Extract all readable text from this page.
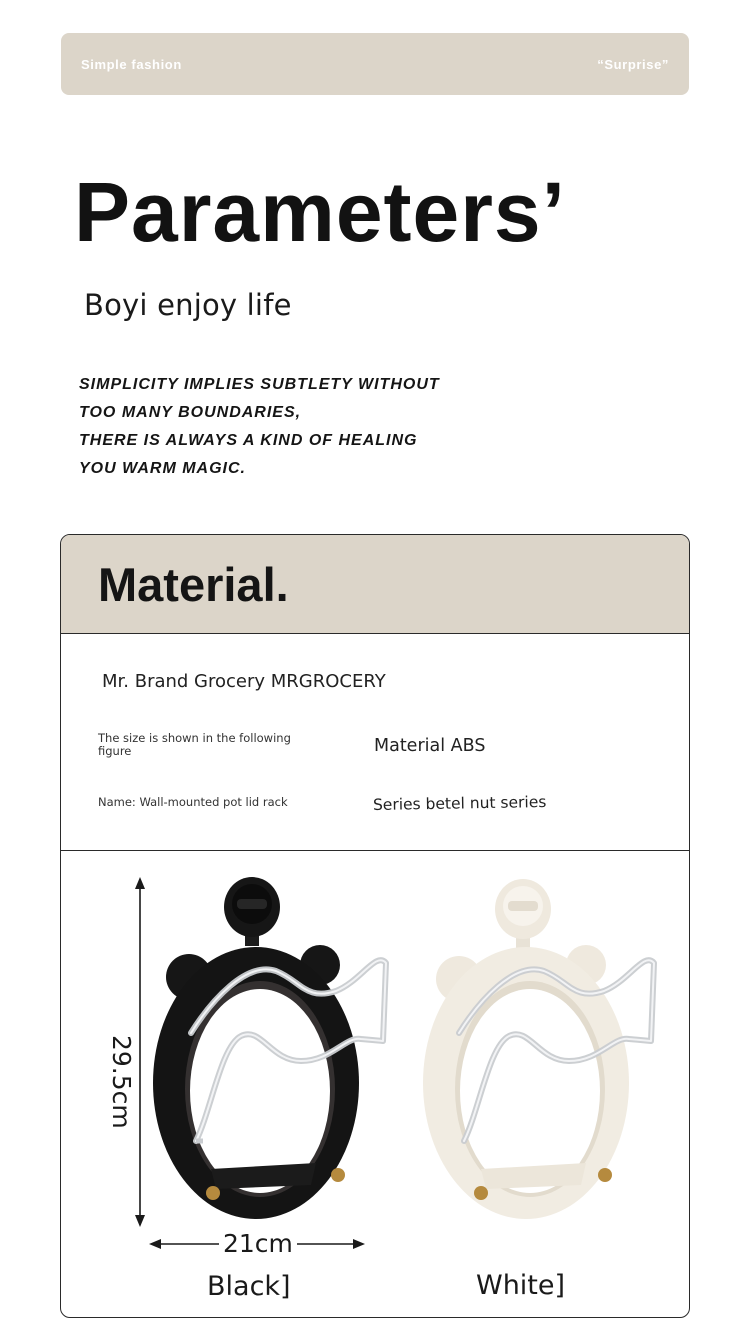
Simple fashion	“Surprise”
Parameters’
Boyi enjoy life
SIMPLICITY IMPLIES SUBTLETY WITHOUT
TOO MANY BOUNDARIES,
THERE IS ALWAYS A KIND OF HEALING
YOU WARM MAGIC.
Material.
Mr. Brand Grocery MRGROCERY
The size is shown in the following figure	Material ABS
Name: Wall-mounted pot lid rack	Series betel nut series
29.5cm
21cm
Black]	White]
